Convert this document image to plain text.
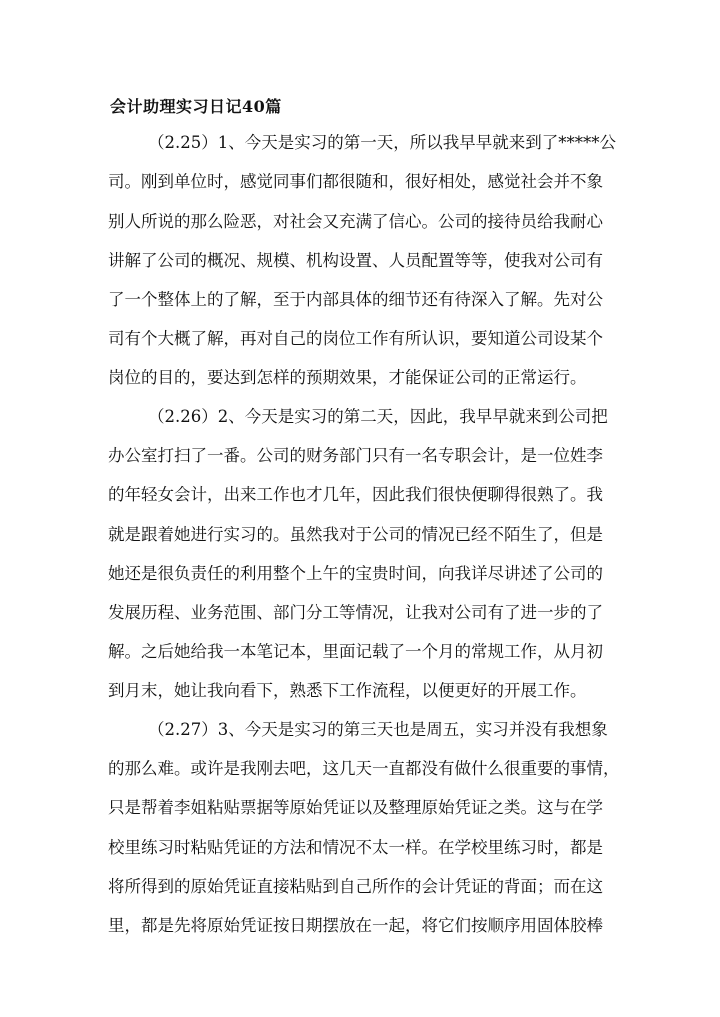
会计助理实习日记40篇
（2.25）1、今天是实习的第一天，所以我早早就来到了*****公
司。刚到单位时，感觉同事们都很随和，很好相处，感觉社会并不象
别人所说的那么险恶，对社会又充满了信心。公司的接待员给我耐心
讲解了公司的概况、规模、机构设置、人员配置等等，使我对公司有
了一个整体上的了解，至于内部具体的细节还有待深入了解。先对公
司有个大概了解，再对自己的岗位工作有所认识，要知道公司设某个
岗位的目的，要达到怎样的预期效果，才能保证公司的正常运行。
（2.26）2、今天是实习的第二天，因此，我早早就来到公司把
办公室打扫了一番。公司的财务部门只有一名专职会计，是一位姓李
的年轻女会计，出来工作也才几年，因此我们很快便聊得很熟了。我
就是跟着她进行实习的。虽然我对于公司的情况已经不陌生了，但是
她还是很负责任的利用整个上午的宝贵时间，向我详尽讲述了公司的
发展历程、业务范围、部门分工等情况，让我对公司有了进一步的了
解。之后她给我一本笔记本，里面记载了一个月的常规工作，从月初
到月末，她让我向看下，熟悉下工作流程，以便更好的开展工作。
（2.27）3、今天是实习的第三天也是周五，实习并没有我想象
的那么难。或许是我刚去吧，这几天一直都没有做什么很重要的事情，
只是帮着李姐粘贴票据等原始凭证以及整理原始凭证之类。这与在学
校里练习时粘贴凭证的方法和情况不太一样。在学校里练习时，都是
将所得到的原始凭证直接粘贴到自己所作的会计凭证的背面；而在这
里，都是先将原始凭证按日期摆放在一起，将它们按顺序用固体胶棒
